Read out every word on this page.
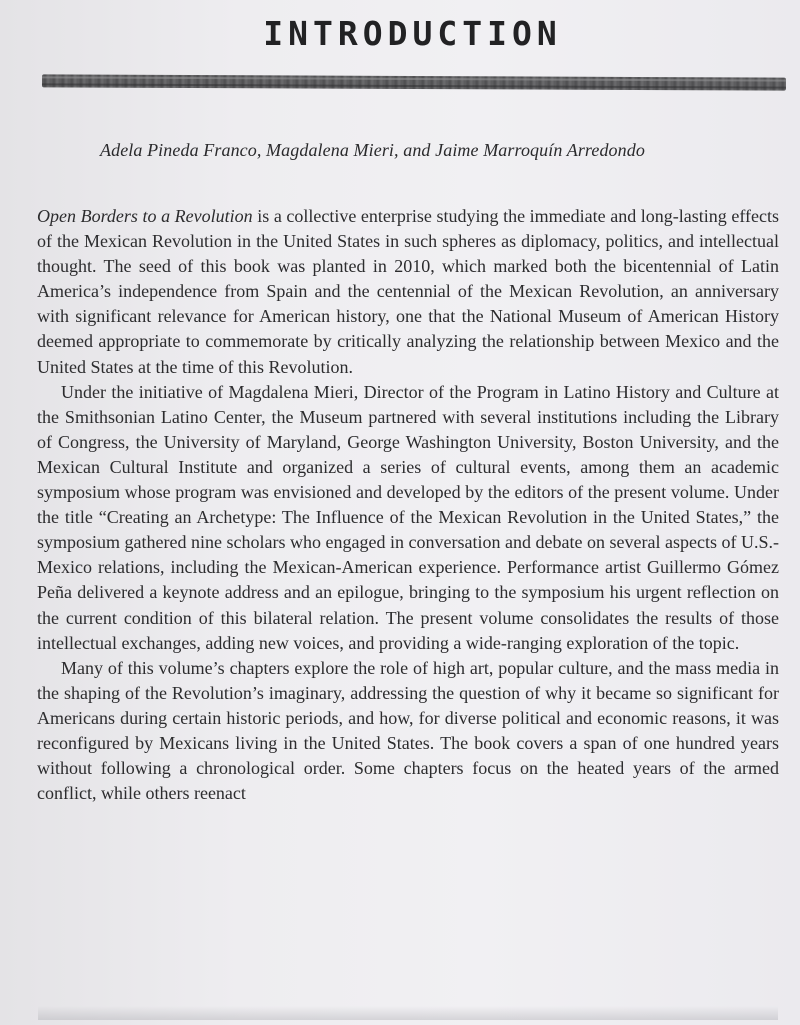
INTRODUCTION
Adela Pineda Franco, Magdalena Mieri, and Jaime Marroquín Arredondo

Open Borders to a Revolution is a collective enterprise studying the immediate and long-lasting effects of the Mexican Revolution in the United States in such spheres as diplomacy, politics, and intellectual thought. The seed of this book was planted in 2010, which marked both the bicentennial of Latin America’s independence from Spain and the centennial of the Mexican Revolution, an anniversary with significant relevance for American history, one that the National Museum of American History deemed appropriate to commemorate by critically analyzing the relationship between Mexico and the United States at the time of this Revolution.

Under the initiative of Magdalena Mieri, Director of the Program in Latino History and Culture at the Smithsonian Latino Center, the Museum partnered with several institutions including the Library of Congress, the University of Maryland, George Washington University, Boston University, and the Mexican Cultural Institute and organized a series of cultural events, among them an academic symposium whose program was envisioned and developed by the editors of the present volume. Under the title “Creating an Archetype: The Influence of the Mexican Revolution in the United States,” the symposium gathered nine scholars who engaged in conversation and debate on several aspects of U.S.-Mexico relations, including the Mexican-American experience. Performance artist Guillermo Gómez Peña delivered a keynote address and an epilogue, bringing to the symposium his urgent reflection on the current condition of this bilateral relation. The present volume consolidates the results of those intellectual exchanges, adding new voices, and providing a wide-ranging exploration of the topic.

Many of this volume’s chapters explore the role of high art, popular culture, and the mass media in the shaping of the Revolution’s imaginary, addressing the question of why it became so significant for Americans during certain historic periods, and how, for diverse political and economic reasons, it was reconfigured by Mexicans living in the United States. The book covers a span of one hundred years without following a chronological order. Some chapters focus on the heated years of the armed conflict, while others reenact
